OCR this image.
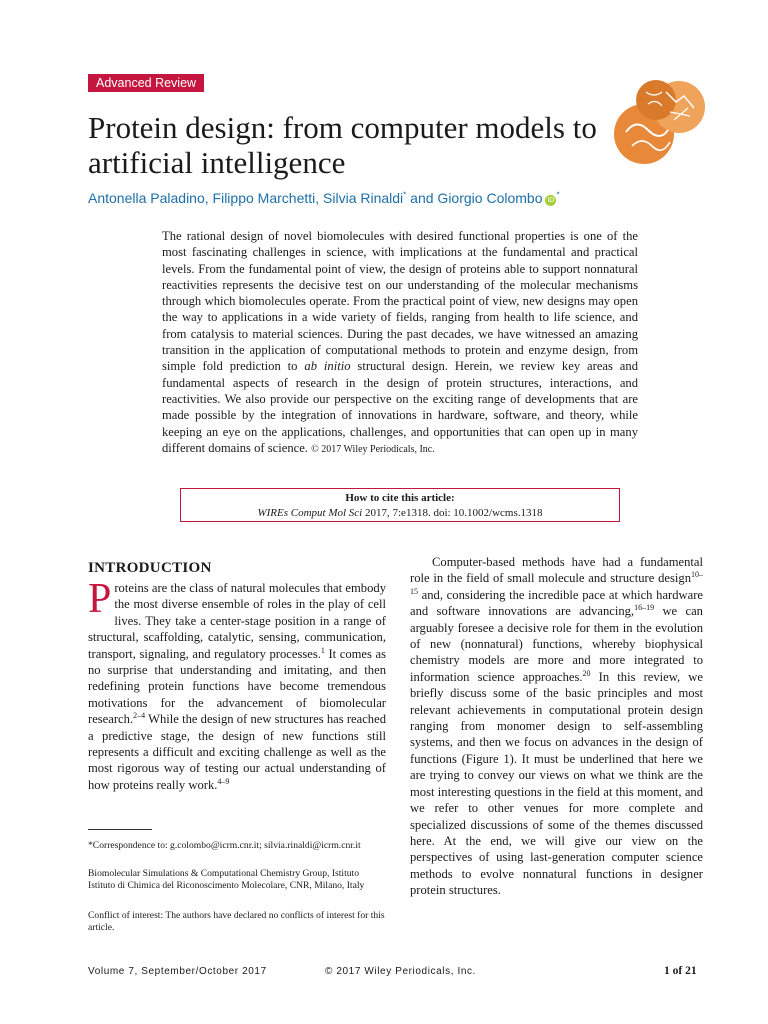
Advanced Review
Protein design: from computer models to artificial intelligence
Antonella Paladino, Filippo Marchetti, Silvia Rinaldi* and Giorgio Colombo iD*

The rational design of novel biomolecules with desired functional properties is one of the most fascinating challenges in science, with implications at the fundamental and practical levels. From the fundamental point of view, the design of proteins able to support nonnatural reactivities represents the decisive test on our understanding of the molecular mechanisms through which biomolecules operate. From the practical point of view, new designs may open the way to applications in a wide variety of fields, ranging from health to life science, and from catalysis to material sciences. During the past decades, we have witnessed an amazing transition in the application of computational methods to protein and enzyme design, from simple fold prediction to ab initio structural design. Herein, we review key areas and fundamental aspects of research in the design of protein structures, interactions, and reactivities. We also provide our perspective on the exciting range of developments that are made possible by the integration of innovations in hardware, software, and theory, while keeping an eye on the applications, challenges, and opportunities that can open up in many different domains of science. © 2017 Wiley Periodicals, Inc.

How to cite this article:
WIREs Comput Mol Sci 2017, 7:e1318. doi: 10.1002/wcms.1318
INTRODUCTION

Proteins are the class of natural molecules that embody the most diverse ensemble of roles in the play of cell lives. They take a center-stage position in a range of structural, scaffolding, catalytic, sensing, communication, transport, signaling, and regulatory processes.$^1$ It comes as no surprise that understanding and imitating, and then redefining protein functions have become tremendous motivations for the advancement of biomolecular research.$^{2-4}$ While the design of new structures has reached a predictive stage, the design of new functions still represents a difficult and exciting challenge as well as the most rigorous way of testing our actual understanding of how proteins really work.$^{4-9}$

Computer-based methods have had a fundamental role in the field of small molecule and structure design$^{10-15}$ and, considering the incredible pace at which hardware and software innovations are advancing,$^{16-19}$ we can arguably foresee a decisive role for them in the evolution of new (nonnatural) functions, whereby biophysical chemistry models are more and more integrated to information science approaches.$^{20}$ In this review, we briefly discuss some of the basic principles and most relevant achievements in computational protein design ranging from monomer design to self-assembling systems, and then we focus on advances in the design of functions (Figure 1). It must be underlined that here we are trying to convey our views on what we think are the most interesting questions in the field at this moment, and we refer to other venues for more complete and specialized discussions of some of the themes discussed here. At the end, we will give our view on the perspectives of using last-generation computer science methods to evolve nonnatural functions in designer protein structures.

*Correspondence to: g.colombo@icrm.cnr.it; silvia.rinaldi@icrm.cnr.it

Biomolecular Simulations & Computational Chemistry Group, Istituto Istituto di Chimica del Riconoscimento Molecolare, CNR, Milano, Italy

Conflict of interest: The authors have declared no conflicts of interest for this article.

Volume 7, September/October 2017	© 2017 Wiley Periodicals, Inc.	1 of 21
